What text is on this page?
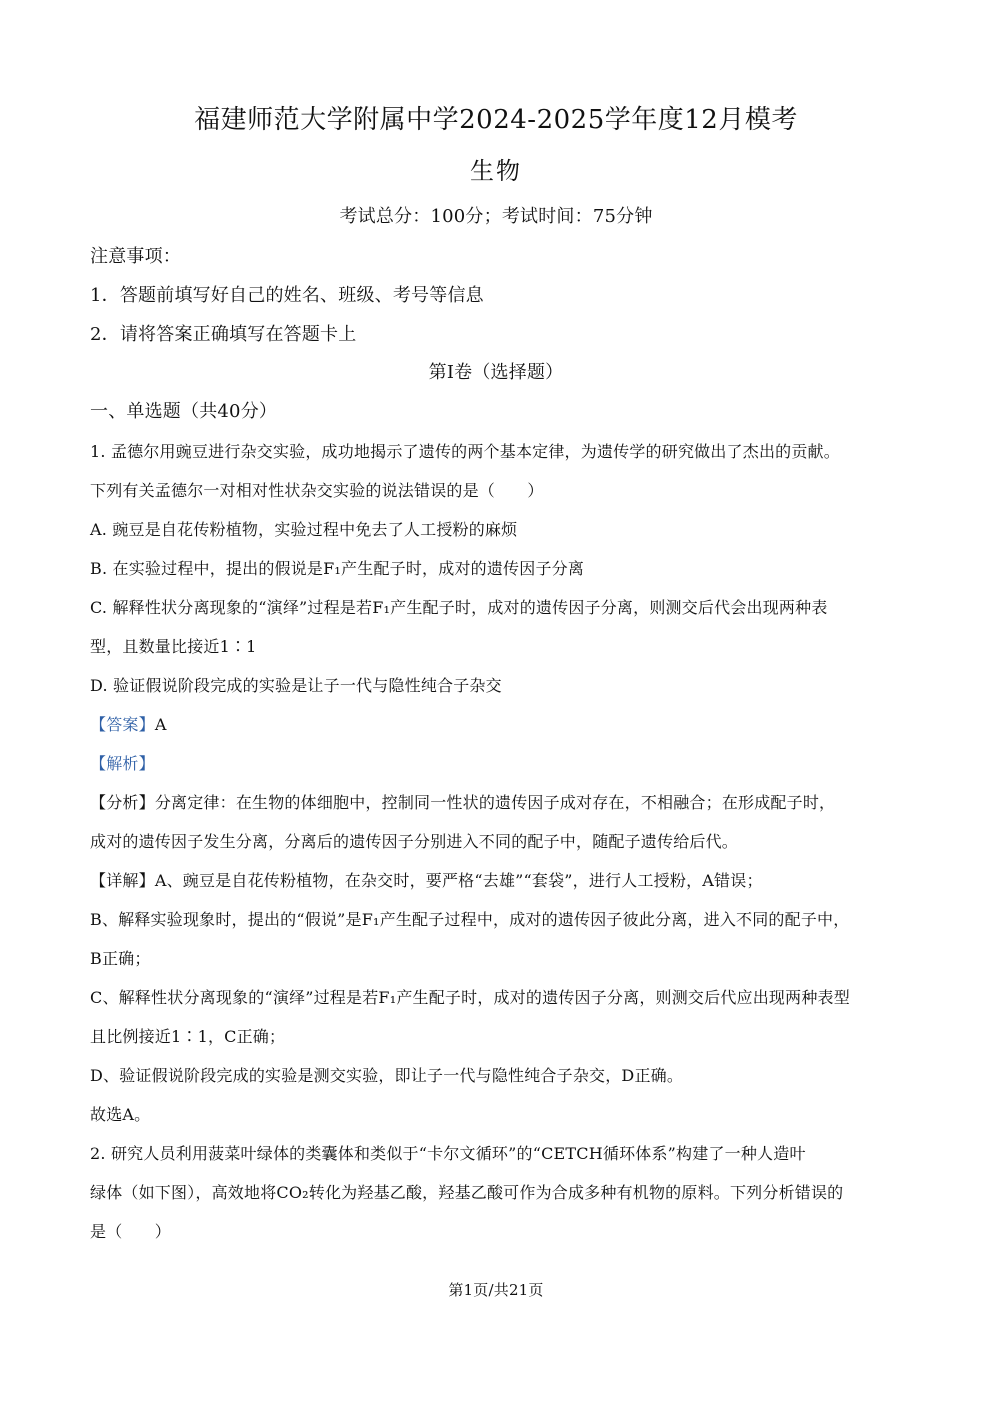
福建师范大学附属中学2024-2025学年度12月模考
生物
考试总分：100分；考试时间：75分钟
注意事项：
1．答题前填写好自己的姓名、班级、考号等信息
2．请将答案正确填写在答题卡上
第I卷（选择题）
一、单选题（共40分）
1. 孟德尔用豌豆进行杂交实验，成功地揭示了遗传的两个基本定律，为遗传学的研究做出了杰出的贡献。
下列有关孟德尔一对相对性状杂交实验的说法错误的是（　　）
A. 豌豆是自花传粉植物，实验过程中免去了人工授粉的麻烦
B. 在实验过程中，提出的假说是F₁产生配子时，成对的遗传因子分离
C. 解释性状分离现象的“演绎”过程是若F₁产生配子时，成对的遗传因子分离，则测交后代会出现两种表
型，且数量比接近1∶1
D. 验证假说阶段完成的实验是让子一代与隐性纯合子杂交
【答案】A
【解析】
【分析】分离定律：在生物的体细胞中，控制同一性状的遗传因子成对存在，不相融合；在形成配子时，
成对的遗传因子发生分离，分离后的遗传因子分别进入不同的配子中，随配子遗传给后代。
【详解】A、豌豆是自花传粉植物，在杂交时，要严格“去雄”“套袋”，进行人工授粉，A错误；
B、解释实验现象时，提出的“假说”是F₁产生配子过程中，成对的遗传因子彼此分离，进入不同的配子中，
B正确；
C、解释性状分离现象的“演绎”过程是若F₁产生配子时，成对的遗传因子分离，则测交后代应出现两种表型
且比例接近1∶1，C正确；
D、验证假说阶段完成的实验是测交实验，即让子一代与隐性纯合子杂交，D正确。
故选A。
2. 研究人员利用菠菜叶绿体的类囊体和类似于“卡尔文循环”的“CETCH循环体系”构建了一种人造叶
绿体（如下图），高效地将CO₂转化为羟基乙酸，羟基乙酸可作为合成多种有机物的原料。下列分析错误的
是（　　）
第1页/共21页
